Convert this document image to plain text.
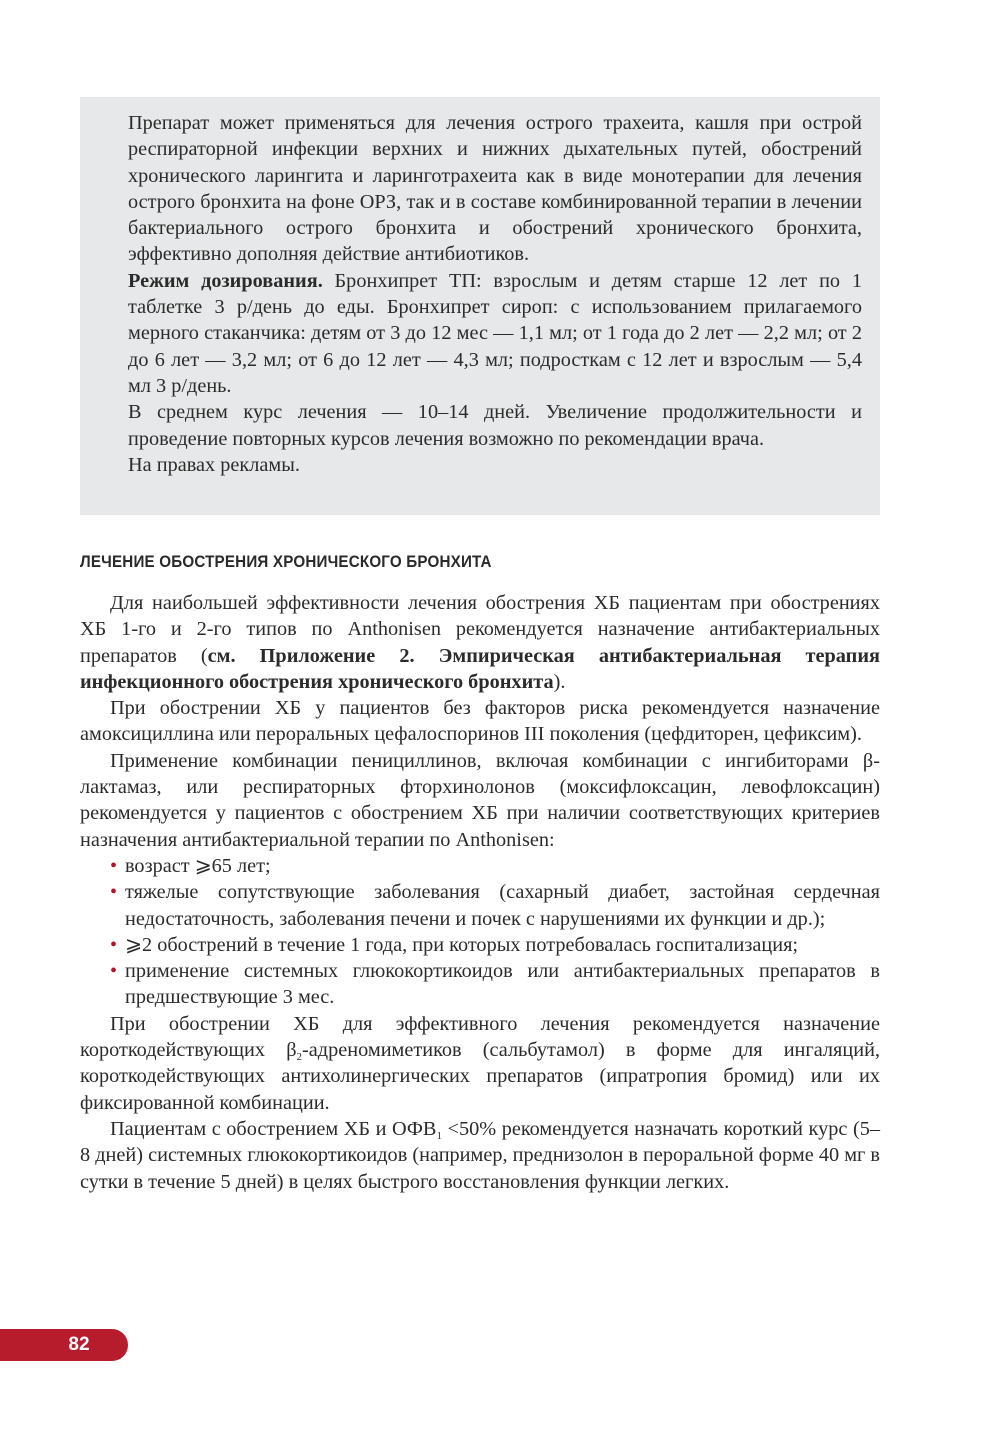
Препарат может применяться для лечения острого трахеита, кашля при острой респираторной инфекции верхних и нижних дыхательных путей, обострений хронического ларингита и ларинготрахеита как в виде монотерапии для лечения острого бронхита на фоне ОРЗ, так и в составе комбинированной терапии в лечении бактериального острого бронхита и обострений хронического бронхита, эффективно дополняя действие антибиотиков.

Режим дозирования. Бронхипрет ТП: взрослым и детям старше 12 лет по 1 таблетке 3 р/день до еды. Бронхипрет сироп: с использованием прилагаемого мерного стаканчика: детям от 3 до 12 мес — 1,1 мл; от 1 года до 2 лет — 2,2 мл; от 2 до 6 лет — 3,2 мл; от 6 до 12 лет — 4,3 мл; подросткам с 12 лет и взрослым — 5,4 мл 3 р/день.

В среднем курс лечения — 10–14 дней. Увеличение продолжительности и проведение повторных курсов лечения возможно по рекомендации врача.

На правах рекламы.

ЛЕЧЕНИЕ ОБОСТРЕНИЯ ХРОНИЧЕСКОГО БРОНХИТА

Для наибольшей эффективности лечения обострения ХБ пациентам при обострениях ХБ 1-го и 2-го типов по Anthonisen рекомендуется назначение антибактериальных препаратов (см. Приложение 2. Эмпирическая антибактериальная терапия инфекционного обострения хронического бронхита).

При обострении ХБ у пациентов без факторов риска рекомендуется назначение амоксициллина или пероральных цефалоспоринов III поколения (цефдиторен, цефиксим).

Применение комбинации пенициллинов, включая комбинации с ингибиторами β-лактамаз, или респираторных фторхинолонов (моксифлоксацин, левофлоксацин) рекомендуется у пациентов с обострением ХБ при наличии соответствующих критериев назначения антибактериальной терапии по Anthonisen:

• возраст ⩾65 лет;
• тяжелые сопутствующие заболевания (сахарный диабет, застойная сердечная недостаточность, заболевания печени и почек с нарушениями их функции и др.);
• ⩾2 обострений в течение 1 года, при которых потребовалась госпитализация;
• применение системных глюкокортикоидов или антибактериальных препаратов в предшествующие 3 мес.

При обострении ХБ для эффективного лечения рекомендуется назначение короткодействующих $\beta_2$-адреномиметиков (сальбутамол) в форме для ингаляций, короткодействующих антихолинергических препаратов (ипратропия бромид) или их фиксированной комбинации.

Пациентам с обострением ХБ и $ОФВ_1 <50\%$ рекомендуется назначать короткий курс (5–8 дней) системных глюкокортикоидов (например, преднизолон в пероральной форме 40 мг в сутки в течение 5 дней) в целях быстрого восстановления функции легких.

82
